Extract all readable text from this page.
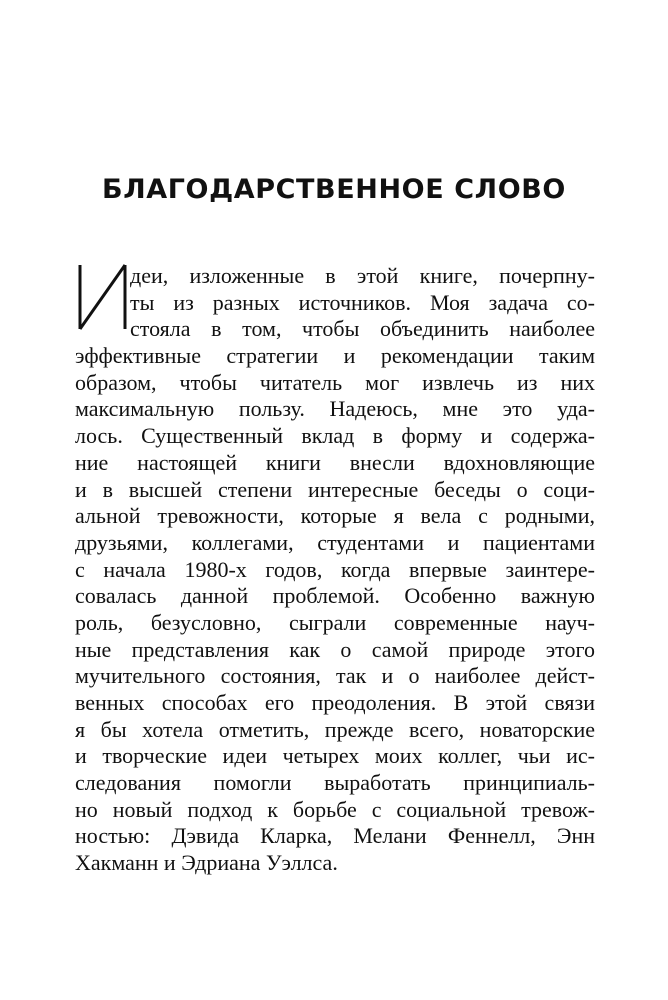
БЛАГОДАРСТВЕННОЕ СЛОВО
деи, изложенные в этой книге, почерпну-
ты из разных источников. Моя задача со-
стояла в том, чтобы объединить наиболее
эффективные стратегии и рекомендации таким
образом, чтобы читатель мог извлечь из них
максимальную пользу. Надеюсь, мне это уда-
лось. Существенный вклад в форму и содержа-
ние настоящей книги внесли вдохновляющие
и в высшей степени интересные беседы о соци-
альной тревожности, которые я вела с родными,
друзьями, коллегами, студентами и пациентами
с начала 1980-х годов, когда впервые заинтере-
совалась данной проблемой. Особенно важную
роль, безусловно, сыграли современные науч-
ные представления как о самой природе этого
мучительного состояния, так и о наиболее дейст-
венных способах его преодоления. В этой связи
я бы хотела отметить, прежде всего, новаторские
и творческие идеи четырех моих коллег, чьи ис-
следования помогли выработать принципиаль-
но новый подход к борьбе с социальной тревож-
ностью: Дэвида Кларка, Мелани Феннелл, Энн
Хакманн и Эдриана Уэллса.
